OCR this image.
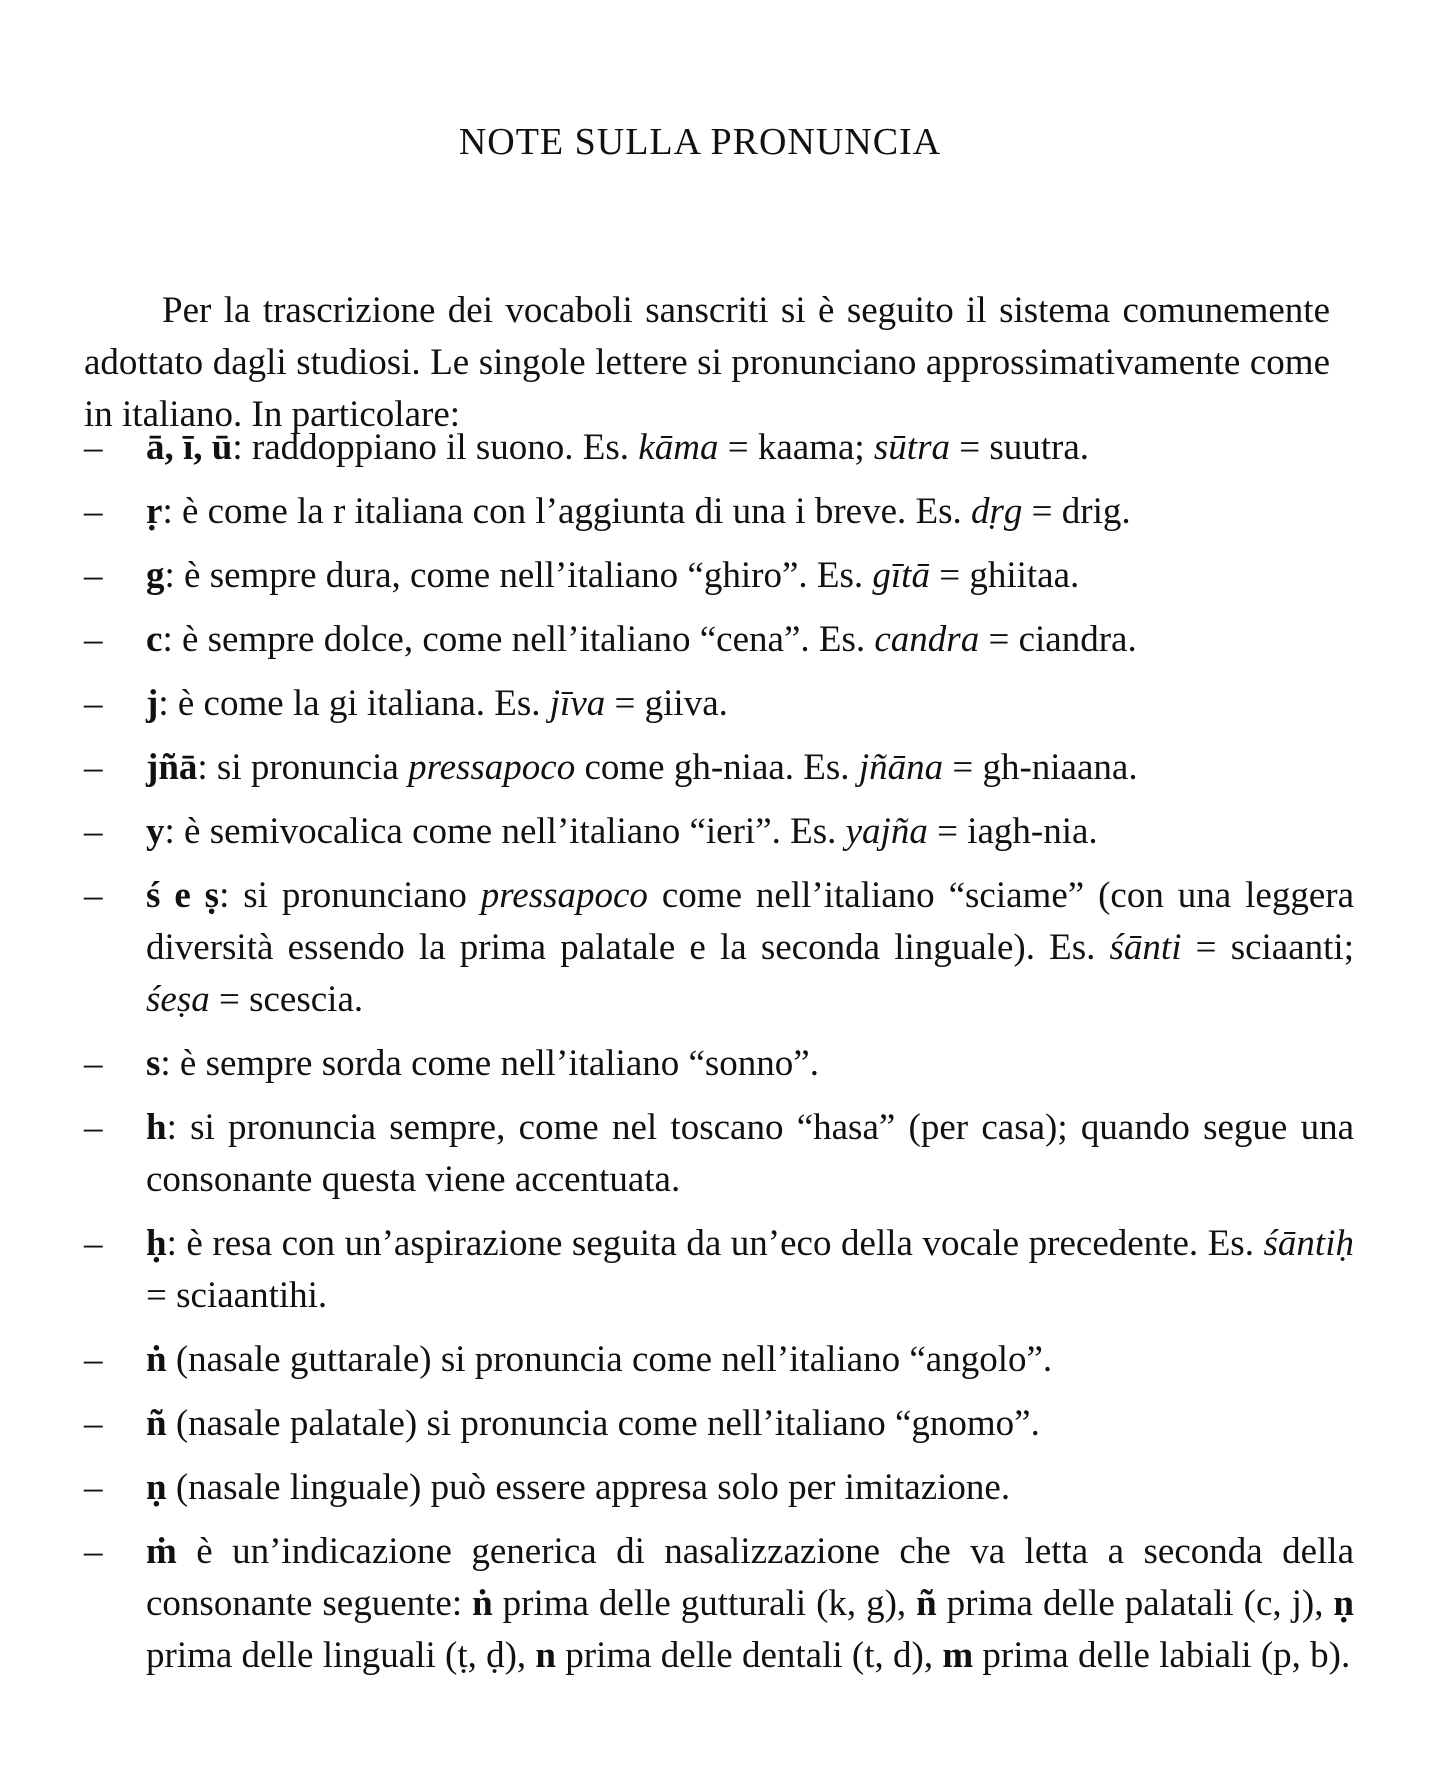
NOTE SULLA PRONUNCIA

Per la trascrizione dei vocaboli sanscriti si è seguito il sistema comunemente adottato dagli studiosi. Le singole lettere si pronunciano approssimativamente come in italiano. In particolare:

– ā, ī, ū: raddoppiano il suono. Es. kāma = kaama; sūtra = suutra.
– ṛ: è come la r italiana con l’aggiunta di una i breve. Es. dṛg = drig.
– g: è sempre dura, come nell’italiano “ghiro”. Es. gītā = ghiitaa.
– c: è sempre dolce, come nell’italiano “cena”. Es. candra = ciandra.
– j: è come la gi italiana. Es. jīva = giiva.
– jñā: si pronuncia pressapoco come gh-niaa. Es. jñāna = gh-niaana.
– y: è semivocalica come nell’italiano “ieri”. Es. yajña = iagh-nia.
– ś e ṣ: si pronunciano pressapoco come nell’italiano “sciame” (con una leggera diversità essendo la prima palatale e la seconda linguale). Es. śānti = sciaanti; śeṣa = scescia.
– s: è sempre sorda come nell’italiano “sonno”.
– h: si pronuncia sempre, come nel toscano “hasa” (per casa); quando segue una consonante questa viene accentuata.
– ḥ: è resa con un’aspirazione seguita da un’eco della vocale precedente. Es. śāntiḥ = sciaantihi.
– ṅ (nasale guttarale) si pronuncia come nell’italiano “angolo”.
– ñ (nasale palatale) si pronuncia come nell’italiano “gnomo”.
– ṇ (nasale linguale) può essere appresa solo per imitazione.
– ṁ è un’indicazione generica di nasalizzazione che va letta a seconda della consonante seguente: ṅ prima delle gutturali (k, g), ñ prima delle palatali (c, j), ṇ prima delle linguali (ṭ, ḍ), n prima delle dentali (t, d), m prima delle labiali (p, b).
